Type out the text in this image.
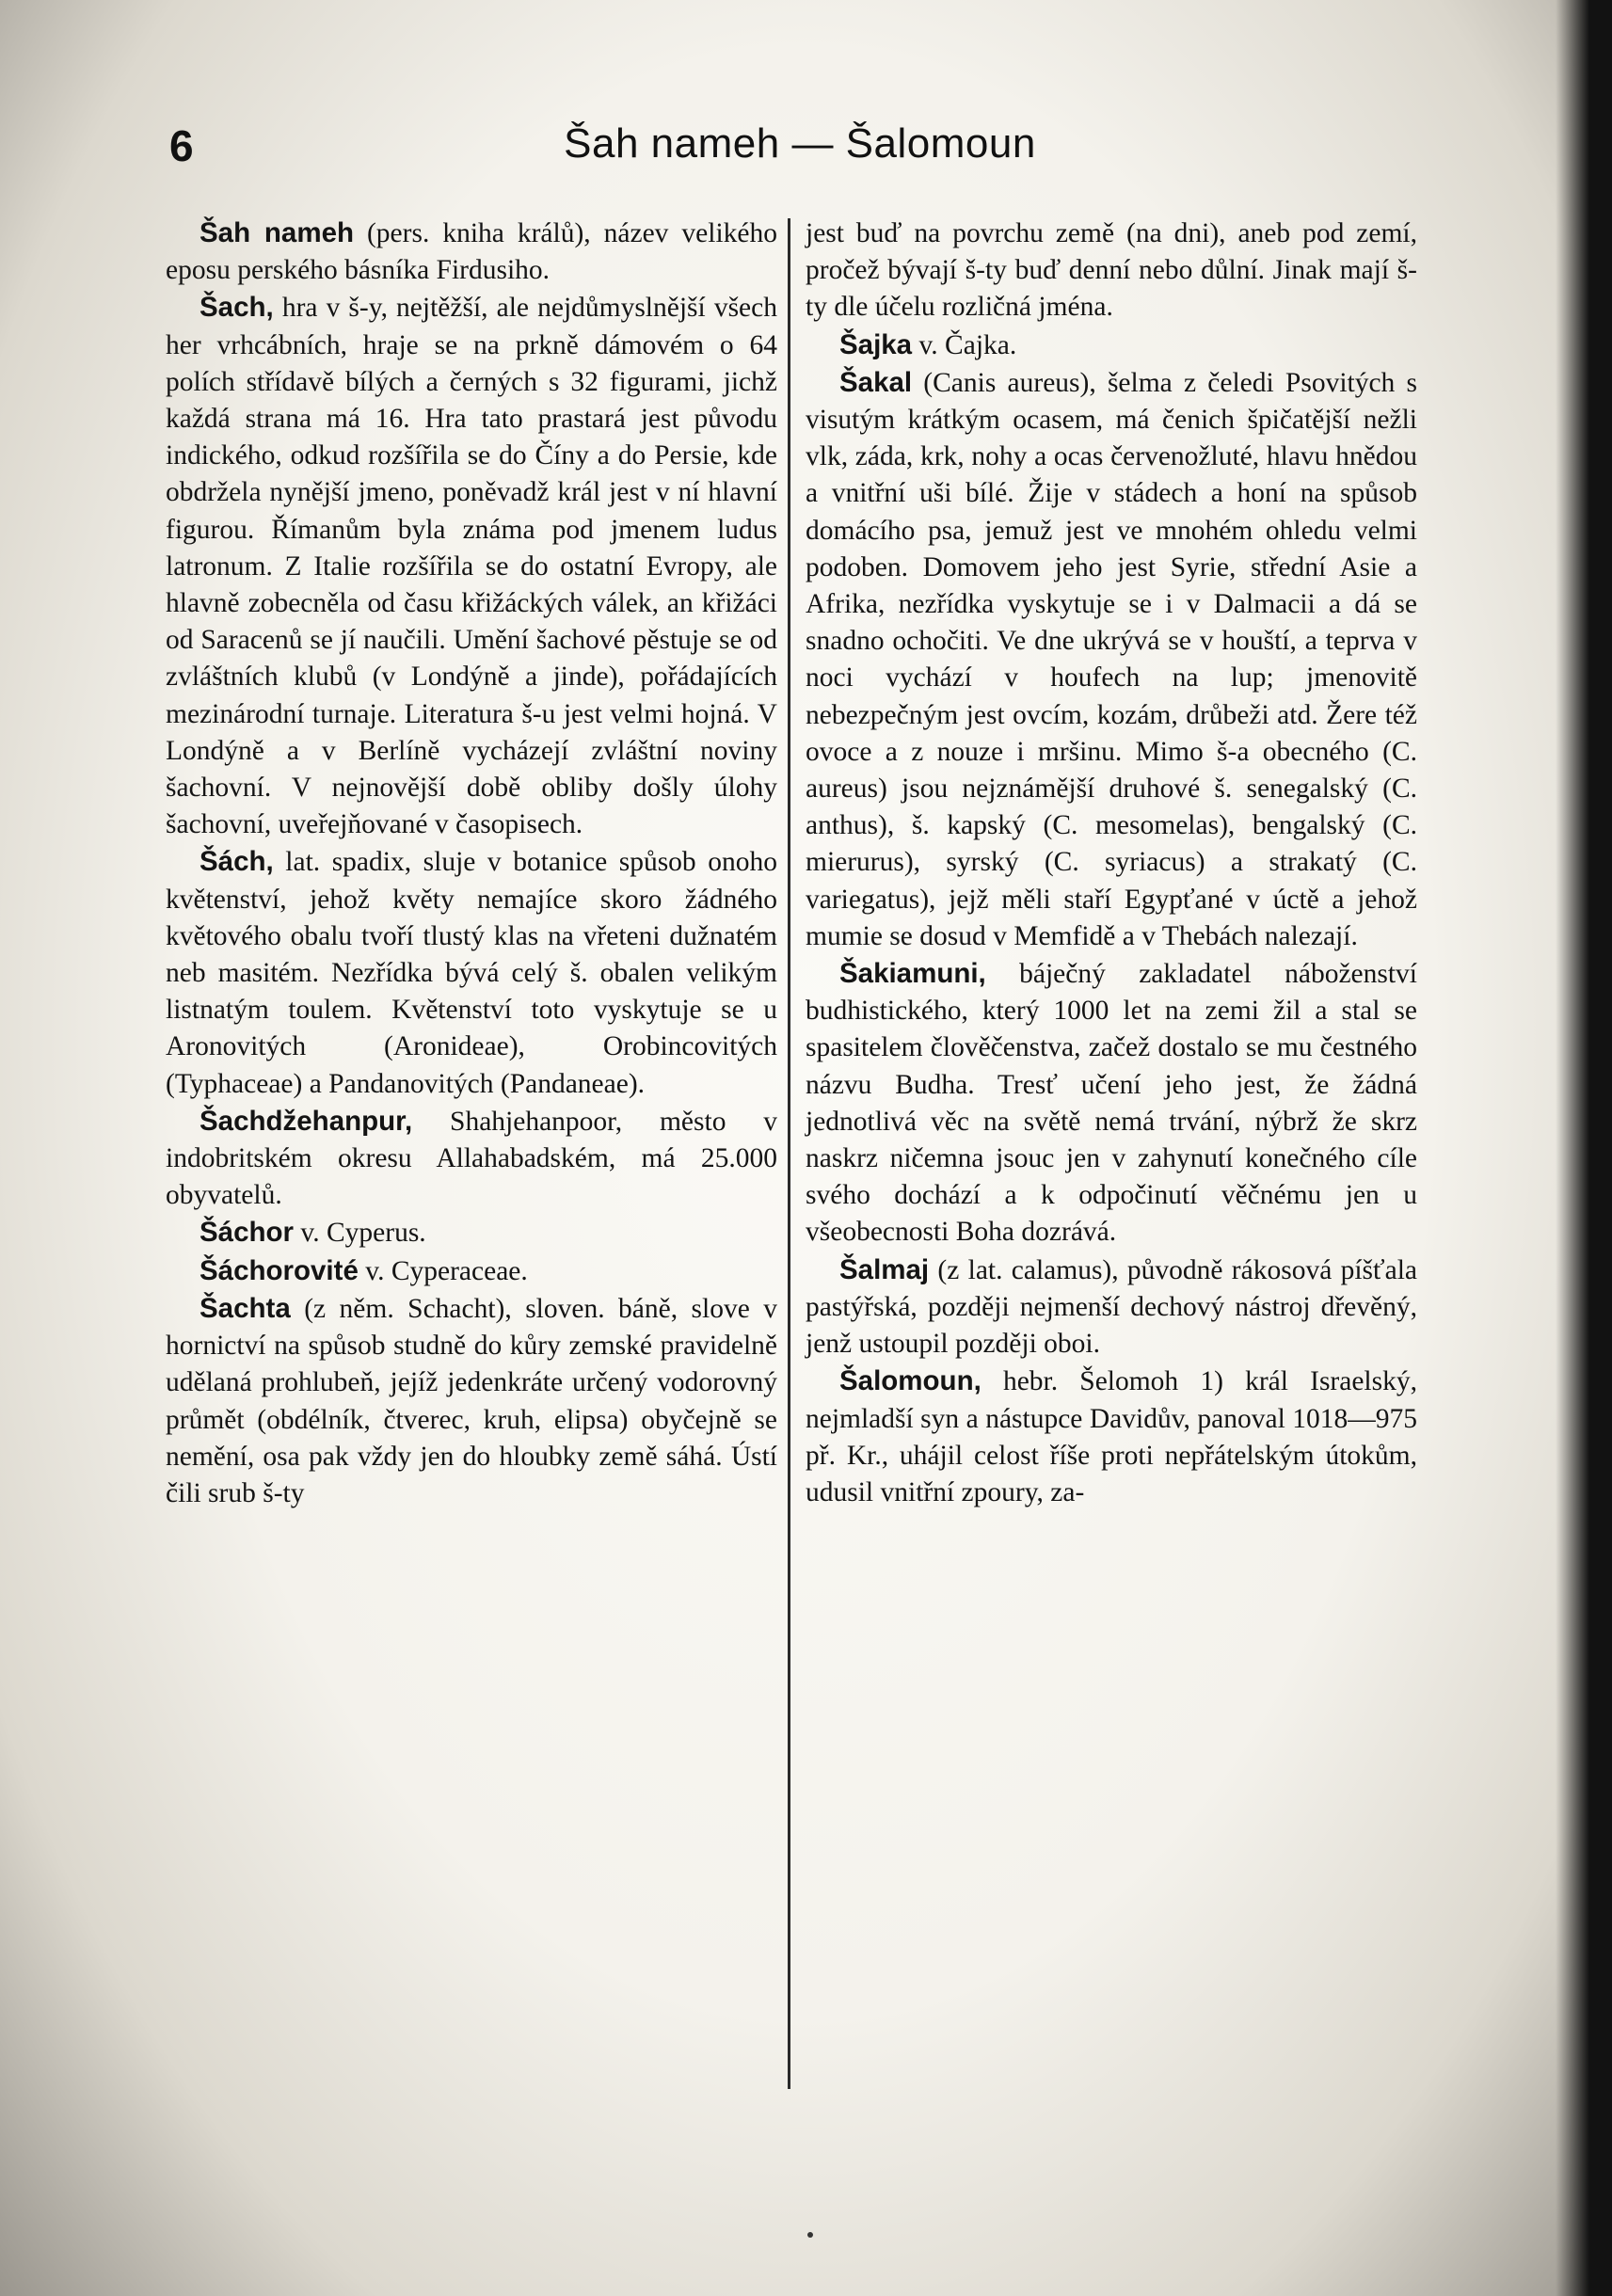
6	Šah nameh — Šalomoun

Šah nameh (pers. kniha králů), název velikého eposu perského básníka Firdusiho.

Šach, hra v š-y, nejtěžší, ale nejdůmyslnější všech her vrhcábních, hraje se na prkně dámovém o 64 polích střídavě bílých a černých s 32 figurami, jichž každá strana má 16. Hra tato prastará jest původu indického, odkud rozšířila se do Číny a do Persie, kde obdržela nynější jmeno, poněvadž král jest v ní hlavní figurou. Římanům byla známa pod jmenem ludus latronum. Z Italie rozšířila se do ostatní Evropy, ale hlavně zobecněla od času křižáckých válek, an křižáci od Saracenů se jí naučili. Umění šachové pěstuje se od zvláštních klubů (v Londýně a jinde), pořádajících mezinárodní turnaje. Literatura š-u jest velmi hojná. V Londýně a v Berlíně vycházejí zvláštní noviny šachovní. V nejnovější době obliby došly úlohy šachovní, uveřejňované v časopisech.

Šách, lat. spadix, sluje v botanice spůsob onoho květenství, jehož květy nemajíce skoro žádného květového obalu tvoří tlustý klas na vřeteni dužnatém neb masitém. Nezřídka bývá celý š. obalen velikým listnatým toulem. Květenství toto vyskytuje se u Aronovitých (Aronideae), Orobincovitých (Typhaceae) a Pandanovitých (Pandaneae).

Šachdžehanpur, Shahjehanpoor, město v indobritském okresu Allahabadském, má 25.000 obyvatelů.

Šáchor v. Cyperus.

Šáchorovité v. Cyperaceae.

Šachta (z něm. Schacht), sloven. báně, slove v hornictví na spůsob studně do kůry zemské pravidelně udělaná prohlubeň, jejíž jedenkráte určený vodorovný průmět (obdélník, čtverec, kruh, elipsa) obyčejně se nemění, osa pak vždy jen do hloubky země sáhá. Ústí čili srub š-ty

jest buď na povrchu země (na dni), aneb pod zemí, pročež bývají š-ty buď denní nebo důlní. Jinak mají š-ty dle účelu rozličná jména.

Šajka v. Čajka.

Šakal (Canis aureus), šelma z čeledi Psovitých s visutým krátkým ocasem, má čenich špičatější nežli vlk, záda, krk, nohy a ocas červenožluté, hlavu hnědou a vnitřní uši bílé. Žije v stádech a honí na spůsob domácího psa, jemuž jest ve mnohém ohledu velmi podoben. Domovem jeho jest Syrie, střední Asie a Afrika, nezřídka vyskytuje se i v Dalmacii a dá se snadno ochočiti. Ve dne ukrývá se v houští, a teprva v noci vychází v houfech na lup; jmenovitě nebezpečným jest ovcím, kozám, drůbeži atd. Žere též ovoce a z nouze i mršinu. Mimo š-a obecného (C. aureus) jsou nejznámější druhové š. senegalský (C. anthus), š. kapský (C. mesomelas), bengalský (C. mierurus), syrský (C. syriacus) a strakatý (C. variegatus), jejž měli staří Egypťané v úctě a jehož mumie se dosud v Memfidě a v Thebách nalezají.

Šakiamuni, báječný zakladatel náboženství budhistického, který 1000 let na zemi žil a stal se spasitelem člověčenstva, začež dostalo se mu čestného názvu Budha. Tresť učení jeho jest, že žádná jednotlivá věc na světě nemá trvání, nýbrž že skrz naskrz ničemna jsouc jen v zahynutí konečného cíle svého dochází a k odpočinutí věčnému jen u všeobecnosti Boha dozrává.

Šalmaj (z lat. calamus), původně rákosová píšťala pastýřská, později nejmenší dechový nástroj dřevěný, jenž ustoupil později oboi.

Šalomoun, hebr. Šelomoh 1) král Israelský, nejmladší syn a nástupce Davidův, panoval 1018—975 př. Kr., uhájil celost říše proti nepřátelským útokům, udusil vnitřní zpoury, za-
